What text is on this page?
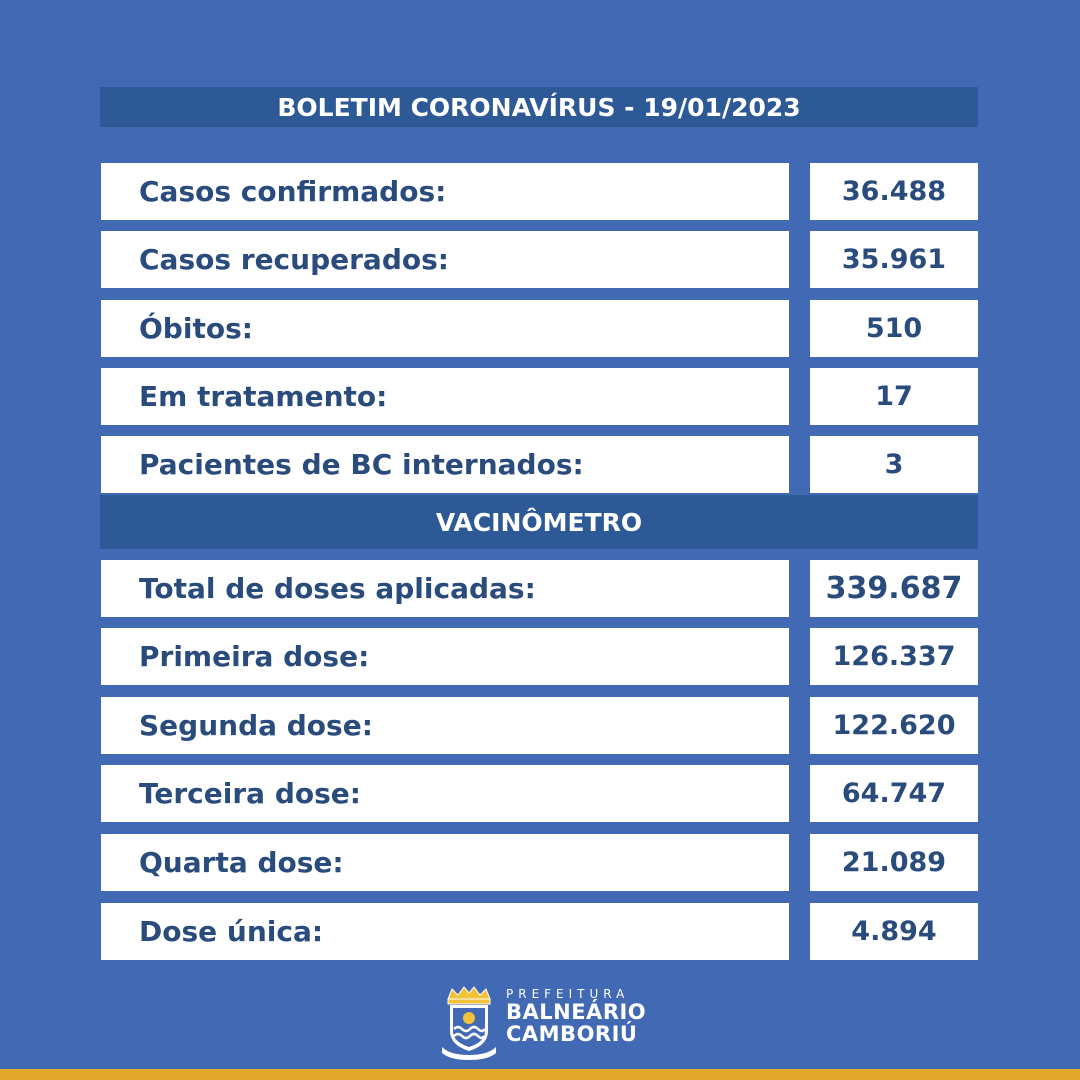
BOLETIM CORONAVÍRUS - 19/01/2023
Casos confirmados:	36.488
Casos recuperados:	35.961
Óbitos:	510
Em tratamento:	17
Pacientes de BC internados:	3
VACINÔMETRO
Total de doses aplicadas:	339.687
Primeira dose:	126.337
Segunda dose:	122.620
Terceira dose:	64.747
Quarta dose:	21.089
Dose única:	4.894
PREFEITURA
BALNEÁRIO
CAMBORIÚ
